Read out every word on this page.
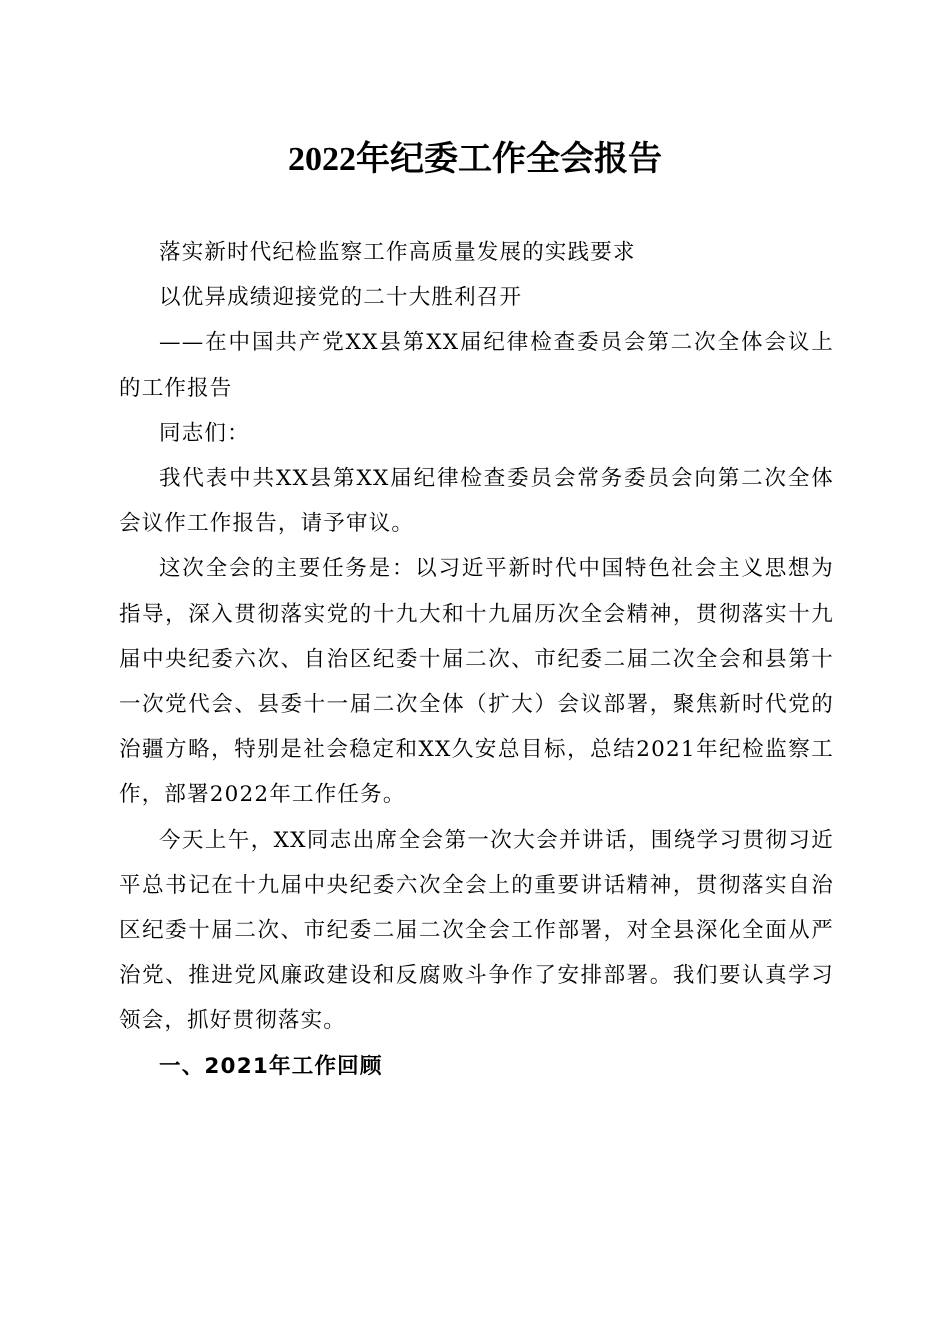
2022年纪委工作全会报告

落实新时代纪检监察工作高质量发展的实践要求

以优异成绩迎接党的二十大胜利召开

——在中国共产党XX县第XX届纪律检查委员会第二次全体会议上的工作报告

同志们：

我代表中共XX县第XX届纪律检查委员会常务委员会向第二次全体会议作工作报告，请予审议。

这次全会的主要任务是：以习近平新时代中国特色社会主义思想为指导，深入贯彻落实党的十九大和十九届历次全会精神，贯彻落实十九届中央纪委六次、自治区纪委十届二次、市纪委二届二次全会和县第十一次党代会、县委十一届二次全体（扩大）会议部署，聚焦新时代党的治疆方略，特别是社会稳定和XX久安总目标，总结2021年纪检监察工作，部署2022年工作任务。

今天上午，XX同志出席全会第一次大会并讲话，围绕学习贯彻习近平总书记在十九届中央纪委六次全会上的重要讲话精神，贯彻落实自治区纪委十届二次、市纪委二届二次全会工作部署，对全县深化全面从严治党、推进党风廉政建设和反腐败斗争作了安排部署。我们要认真学习领会，抓好贯彻落实。

一、2021年工作回顾
